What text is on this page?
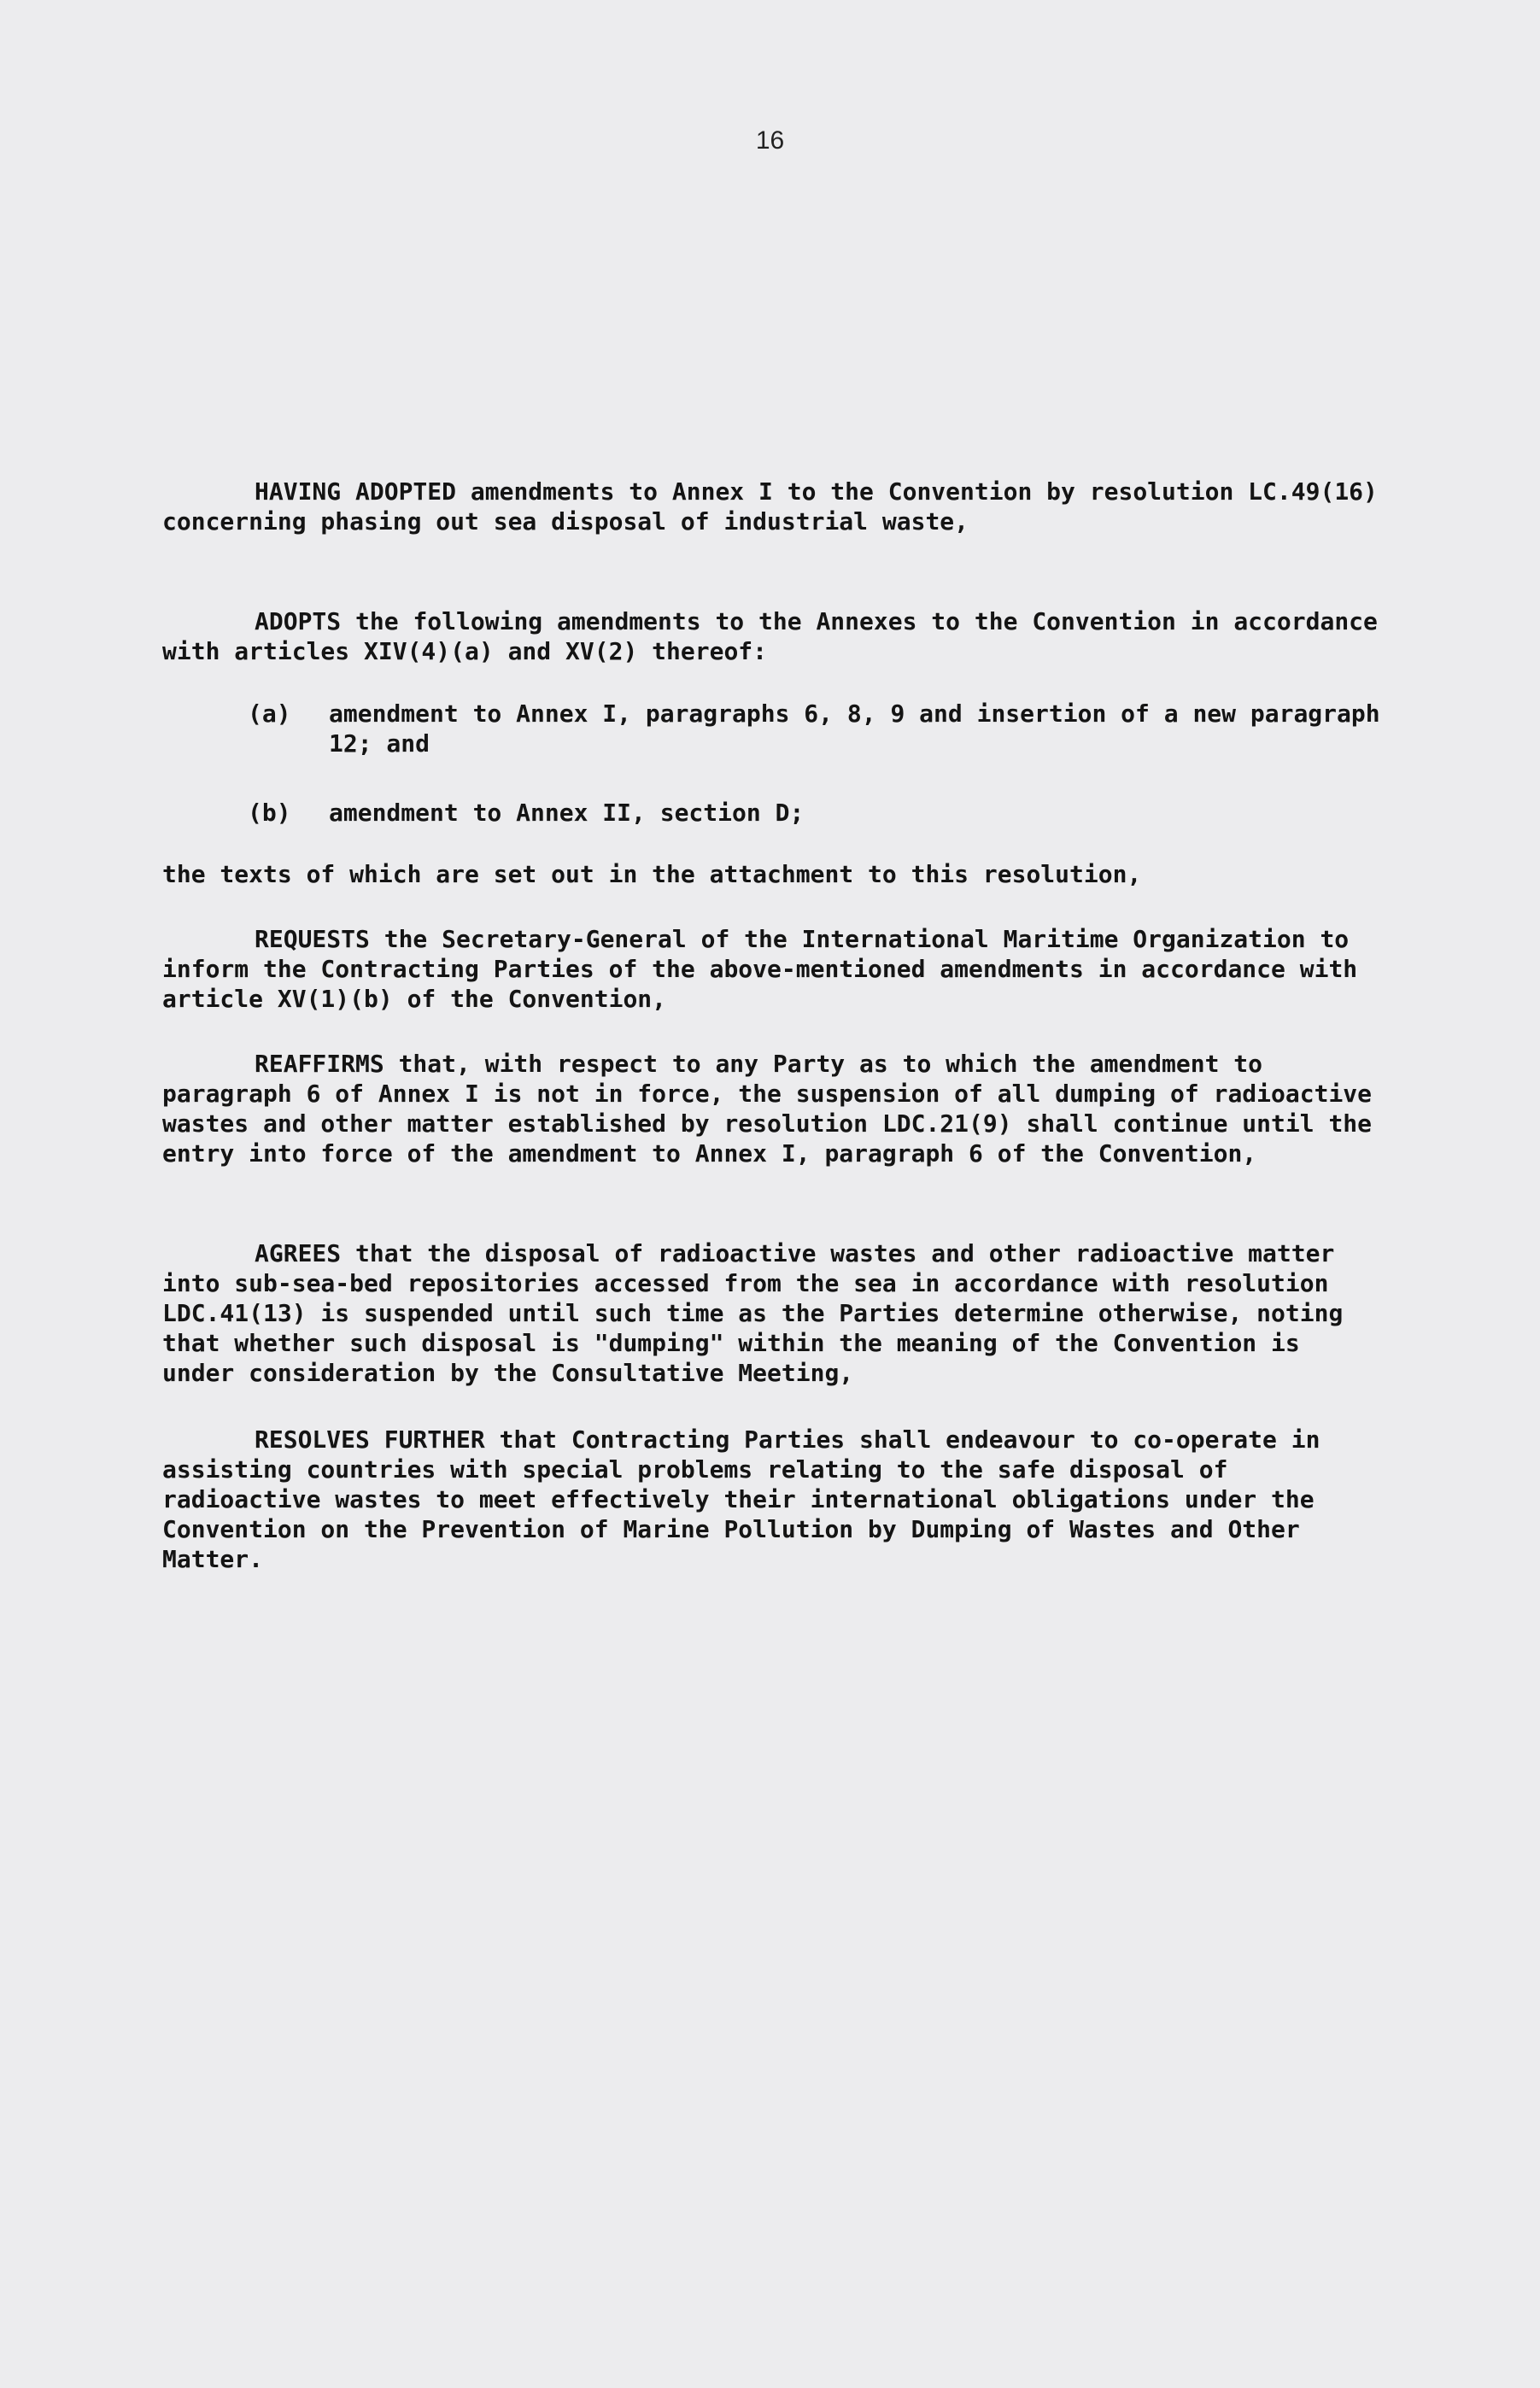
16

HAVING ADOPTED amendments to Annex I to the Convention by resolution LC.49(16) concerning phasing out sea disposal of industrial waste,

ADOPTS the following amendments to the Annexes to the Convention in accordance with articles XIV(4)(a) and XV(2) thereof:

(a) amendment to Annex I, paragraphs 6, 8, 9 and insertion of a new paragraph 12; and

(b) amendment to Annex II, section D;

the texts of which are set out in the attachment to this resolution,

REQUESTS the Secretary-General of the International Maritime Organization to inform the Contracting Parties of the above-mentioned amendments in accordance with article XV(1)(b) of the Convention,

REAFFIRMS that, with respect to any Party as to which the amendment to paragraph 6 of Annex I is not in force, the suspension of all dumping of radioactive wastes and other matter established by resolution LDC.21(9) shall continue until the entry into force of the amendment to Annex I, paragraph 6 of the Convention,

AGREES that the disposal of radioactive wastes and other radioactive matter into sub-sea-bed repositories accessed from the sea in accordance with resolution LDC.41(13) is suspended until such time as the Parties determine otherwise, noting that whether such disposal is "dumping" within the meaning of the Convention is under consideration by the Consultative Meeting,

RESOLVES FURTHER that Contracting Parties shall endeavour to co-operate in assisting countries with special problems relating to the safe disposal of radioactive wastes to meet effectively their international obligations under the Convention on the Prevention of Marine Pollution by Dumping of Wastes and Other Matter.
